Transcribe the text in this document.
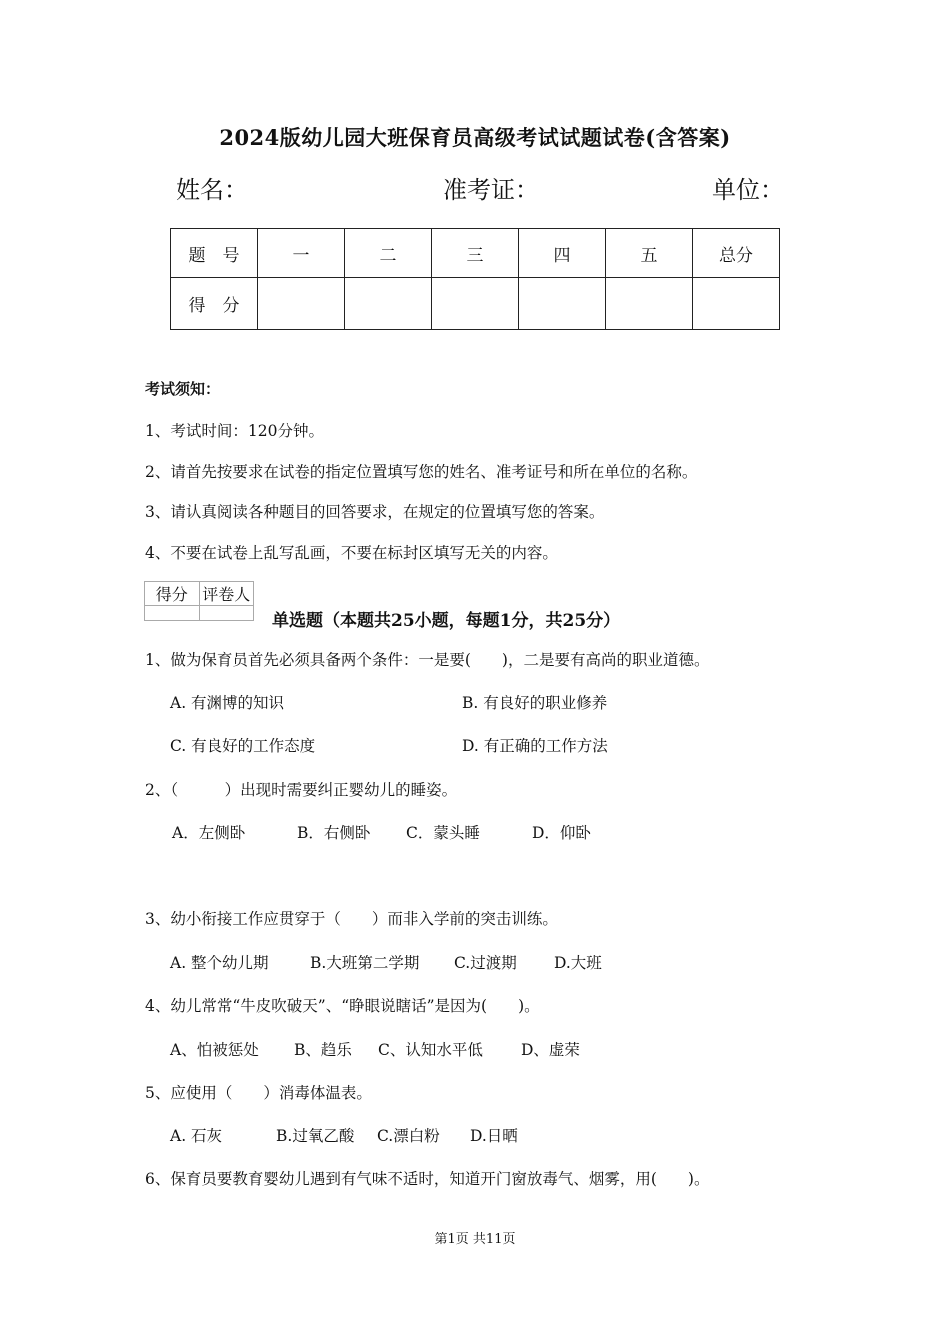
2024版幼儿园大班保育员高级考试试题试卷(含答案)
姓名：	准考证：	单位：
题　号	一	二	三	四	五	总分
得　分						
考试须知：
1、考试时间：120分钟。
2、请首先按要求在试卷的指定位置填写您的姓名、准考证号和所在单位的名称。
3、请认真阅读各种题目的回答要求，在规定的位置填写您的答案。
4、不要在试卷上乱写乱画，不要在标封区填写无关的内容。
得分	评卷人

单选题（本题共25小题，每题1分，共25分）
1、做为保育员首先必须具备两个条件：一是要(　　)，二是要有高尚的职业道德。
A. 有渊博的知识	B. 有良好的职业修养
C. 有良好的工作态度	D. 有正确的工作方法
2、（　　　）出现时需要纠正婴幼儿的睡姿。
A．左侧卧	B．右侧卧 C．蒙头睡	D．仰卧
3、幼小衔接工作应贯穿于（　　）而非入学前的突击训练。
A. 整个幼儿期	B.大班第二学期 C.过渡期 D.大班
4、幼儿常常“牛皮吹破天”、“睁眼说瞎话”是因为(　　)。
A、怕被惩处 B、趋乐 C、认知水平低 D、虚荣
5、应使用（　　）消毒体温表。
A. 石灰	B.过氧乙酸 C.漂白粉 D.日晒
6、保育员要教育婴幼儿遇到有气味不适时，知道开门窗放毒气、烟雾，用(　　)。
第1页 共11页
